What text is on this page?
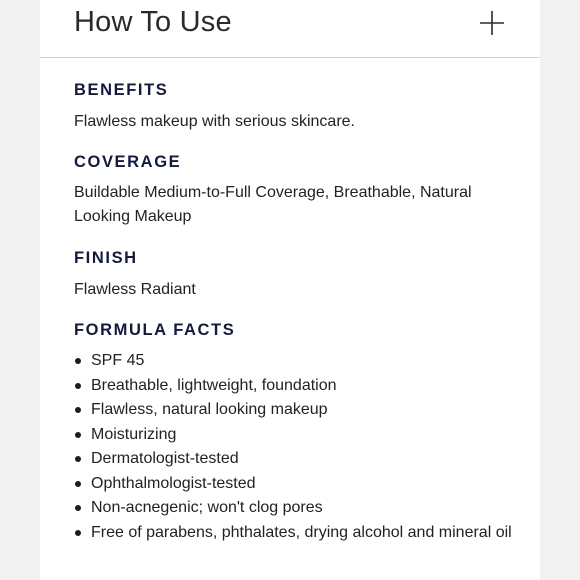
How To Use
BENEFITS

Flawless makeup with serious skincare.

COVERAGE

Buildable Medium-to-Full Coverage, Breathable, Natural Looking Makeup

FINISH

Flawless Radiant

FORMULA FACTS
SPF 45
Breathable, lightweight, foundation
Flawless, natural looking makeup
Moisturizing
Dermatologist-tested
Ophthalmologist-tested
Non-acnegenic; won't clog pores
Free of parabens, phthalates, drying alcohol and mineral oil
